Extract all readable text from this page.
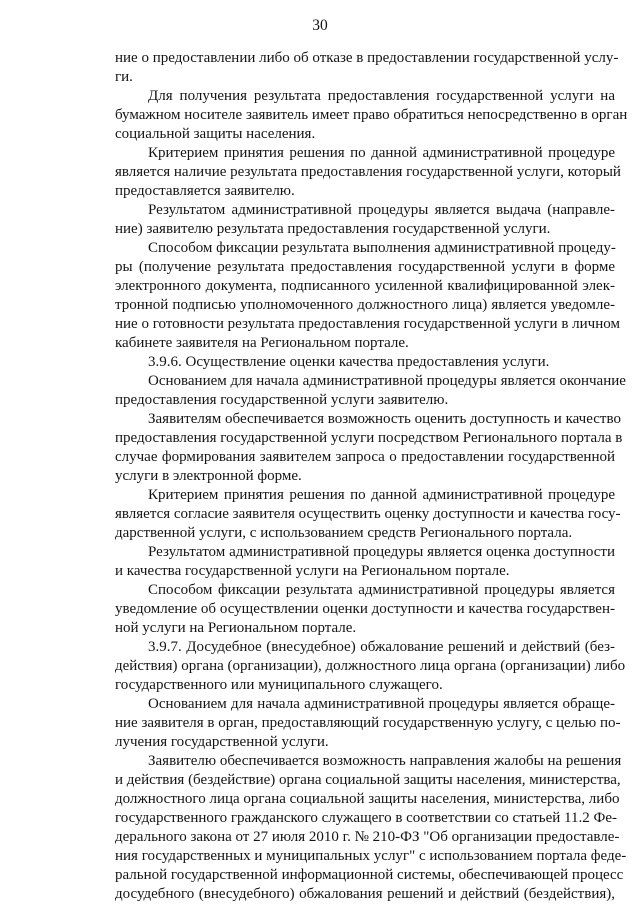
30
ние о предоставлении либо об отказе в предоставлении государственной услу-
ги.
Для получения результата предоставления государственной услуги на
бумажном носителе заявитель имеет право обратиться непосредственно в орган
социальной защиты населения.
Критерием принятия решения по данной административной процедуре
является наличие результата предоставления государственной услуги, который
предоставляется заявителю.
Результатом административной процедуры является выдача (направле-
ние) заявителю результата предоставления государственной услуги.
Способом фиксации результата выполнения административной процеду-
ры (получение результата предоставления государственной услуги в форме
электронного документа, подписанного усиленной квалифицированной элек-
тронной подписью уполномоченного должностного лица) является уведомле-
ние о готовности результата предоставления государственной услуги в личном
кабинете заявителя на Региональном портале.
3.9.6. Осуществление оценки качества предоставления услуги.
Основанием для начала административной процедуры является окончание
предоставления государственной услуги заявителю.
Заявителям обеспечивается возможность оценить доступность и качество
предоставления государственной услуги посредством Регионального портала в
случае формирования заявителем запроса о предоставлении государственной
услуги в электронной форме.
Критерием принятия решения по данной административной процедуре
является согласие заявителя осуществить оценку доступности и качества госу-
дарственной услуги, с использованием средств Регионального портала.
Результатом административной процедуры является оценка доступности
и качества государственной услуги на Региональном портале.
Способом фиксации результата административной процедуры является
уведомление об осуществлении оценки доступности и качества государствен-
ной услуги на Региональном портале.
3.9.7. Досудебное (внесудебное) обжалование решений и действий (без-
действия) органа (организации), должностного лица органа (организации) либо
государственного или муниципального служащего.
Основанием для начала административной процедуры является обраще-
ние заявителя в орган, предоставляющий государственную услугу, с целью по-
лучения государственной услуги.
Заявителю обеспечивается возможность направления жалобы на решения
и действия (бездействие) органа социальной защиты населения, министерства,
должностного лица органа социальной защиты населения, министерства, либо
государственного гражданского служащего в соответствии со статьей 11.2 Фе-
дерального закона от 27 июля 2010 г. № 210-ФЗ "Об организации предоставле-
ния государственных и муниципальных услуг" с использованием портала феде-
ральной государственной информационной системы, обеспечивающей процесс
досудебного (внесудебного) обжалования решений и действий (бездействия),
